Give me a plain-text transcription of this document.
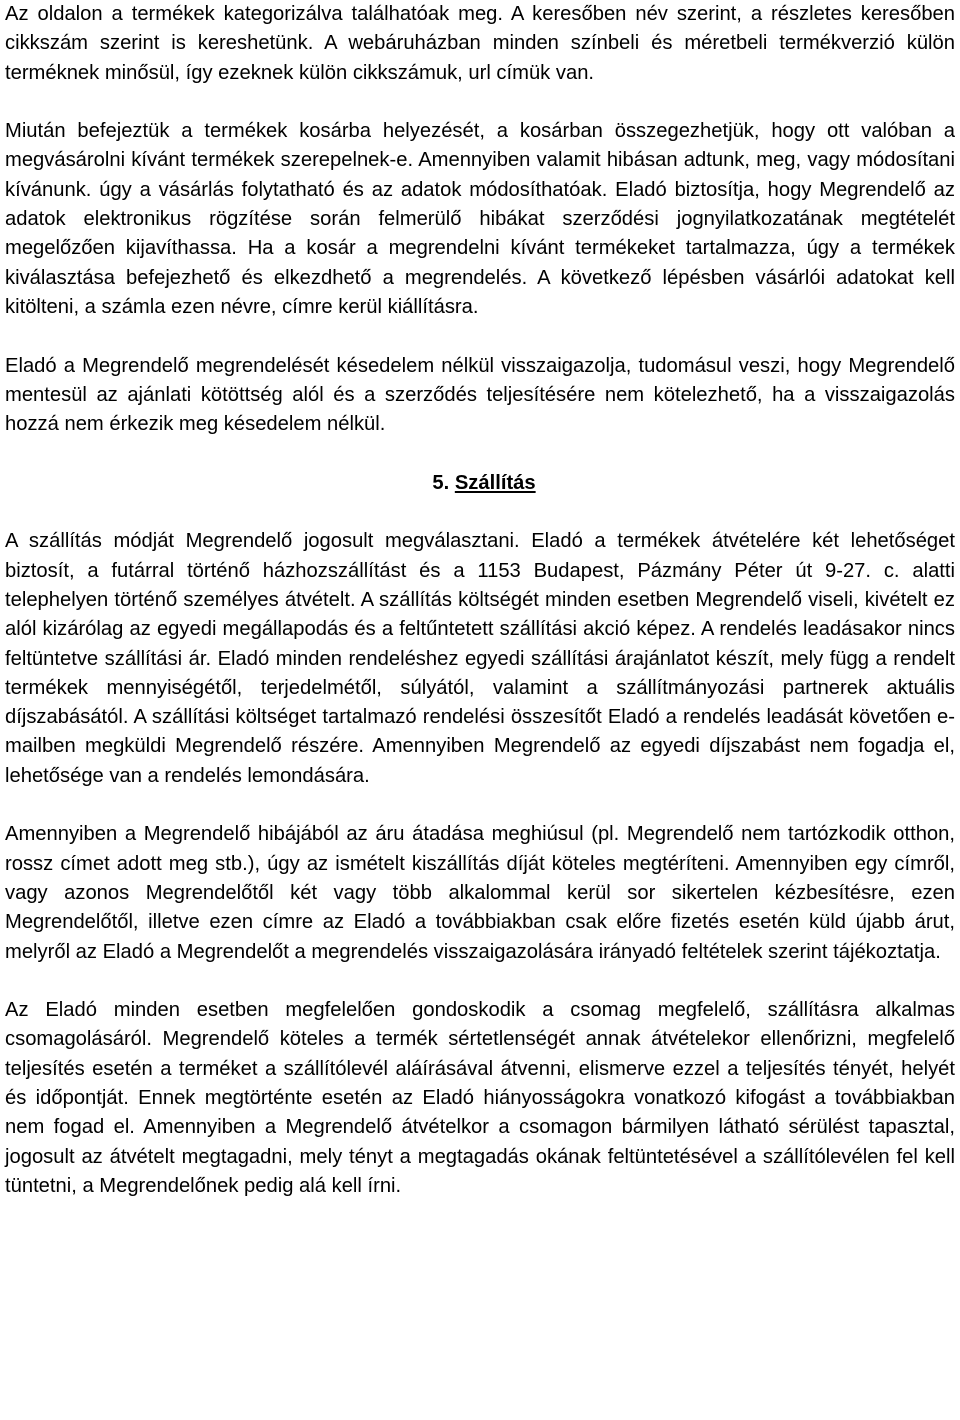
Az oldalon a termékek kategorizálva találhatóak meg. A keresőben név szerint, a részletes keresőben cikkszám szerint is kereshetünk. A webáruházban minden színbeli és méretbeli termékverzió külön terméknek minősül, így ezeknek külön cikkszámuk, url címük van.

Miután befejeztük a termékek kosárba helyezését, a kosárban összegezhetjük, hogy ott valóban a megvásárolni kívánt termékek szerepelnek-e. Amennyiben valamit hibásan adtunk, meg, vagy módosítani kívánunk. úgy a vásárlás folytatható és az adatok módosíthatóak. Eladó biztosítja, hogy Megrendelő az adatok elektronikus rögzítése során felmerülő hibákat szerződési jognyilatkozatának megtételét megelőzően kijavíthassa. Ha a kosár a megrendelni kívánt termékeket tartalmazza, úgy a termékek kiválasztása befejezhető és elkezdhető a megrendelés. A következő lépésben vásárlói adatokat kell kitölteni, a számla ezen névre, címre kerül kiállításra.

Eladó a Megrendelő megrendelését késedelem nélkül visszaigazolja, tudomásul veszi, hogy Megrendelő mentesül az ajánlati kötöttség alól és a szerződés teljesítésére nem kötelezhető, ha a visszaigazolás hozzá nem érkezik meg késedelem nélkül.

5. Szállítás

A szállítás módját Megrendelő jogosult megválasztani. Eladó a termékek átvételére két lehetőséget biztosít, a futárral történő házhozszállítást és a 1153 Budapest, Pázmány Péter út 9-27. c. alatti telephelyen történő személyes átvételt. A szállítás költségét minden esetben Megrendelő viseli, kivételt ez alól kizárólag az egyedi megállapodás és a feltűntetett szállítási akció képez. A rendelés leadásakor nincs feltüntetve szállítási ár. Eladó minden rendeléshez egyedi szállítási árajánlatot készít, mely függ a rendelt termékek mennyiségétől, terjedelmétől, súlyától, valamint a szállítmányozási partnerek aktuális díjszabásától. A szállítási költséget tartalmazó rendelési összesítőt Eladó a rendelés leadását követően e-mailben megküldi Megrendelő részére. Amennyiben Megrendelő az egyedi díjszabást nem fogadja el, lehetősége van a rendelés lemondására.

Amennyiben a Megrendelő hibájából az áru átadása meghiúsul (pl. Megrendelő nem tartózkodik otthon, rossz címet adott meg stb.), úgy az ismételt kiszállítás díját köteles megtéríteni. Amennyiben egy címről, vagy azonos Megrendelőtől két vagy több alkalommal kerül sor sikertelen kézbesítésre, ezen Megrendelőtől, illetve ezen címre az Eladó a továbbiakban csak előre fizetés esetén küld újabb árut, melyről az Eladó a Megrendelőt a megrendelés visszaigazolására irányadó feltételek szerint tájékoztatja.

Az Eladó minden esetben megfelelően gondoskodik a csomag megfelelő, szállításra alkalmas csomagolásáról. Megrendelő köteles a termék sértetlenségét annak átvételekor ellenőrizni, megfelelő teljesítés esetén a terméket a szállítólevél aláírásával átvenni, elismerve ezzel a teljesítés tényét, helyét és időpontját. Ennek megtörténte esetén az Eladó hiányosságokra vonatkozó kifogást a továbbiakban nem fogad el. Amennyiben a Megrendelő átvételkor a csomagon bármilyen látható sérülést tapasztal, jogosult az átvételt megtagadni, mely tényt a megtagadás okának feltüntetésével a szállítólevélen fel kell tüntetni, a Megrendelőnek pedig alá kell írni.
